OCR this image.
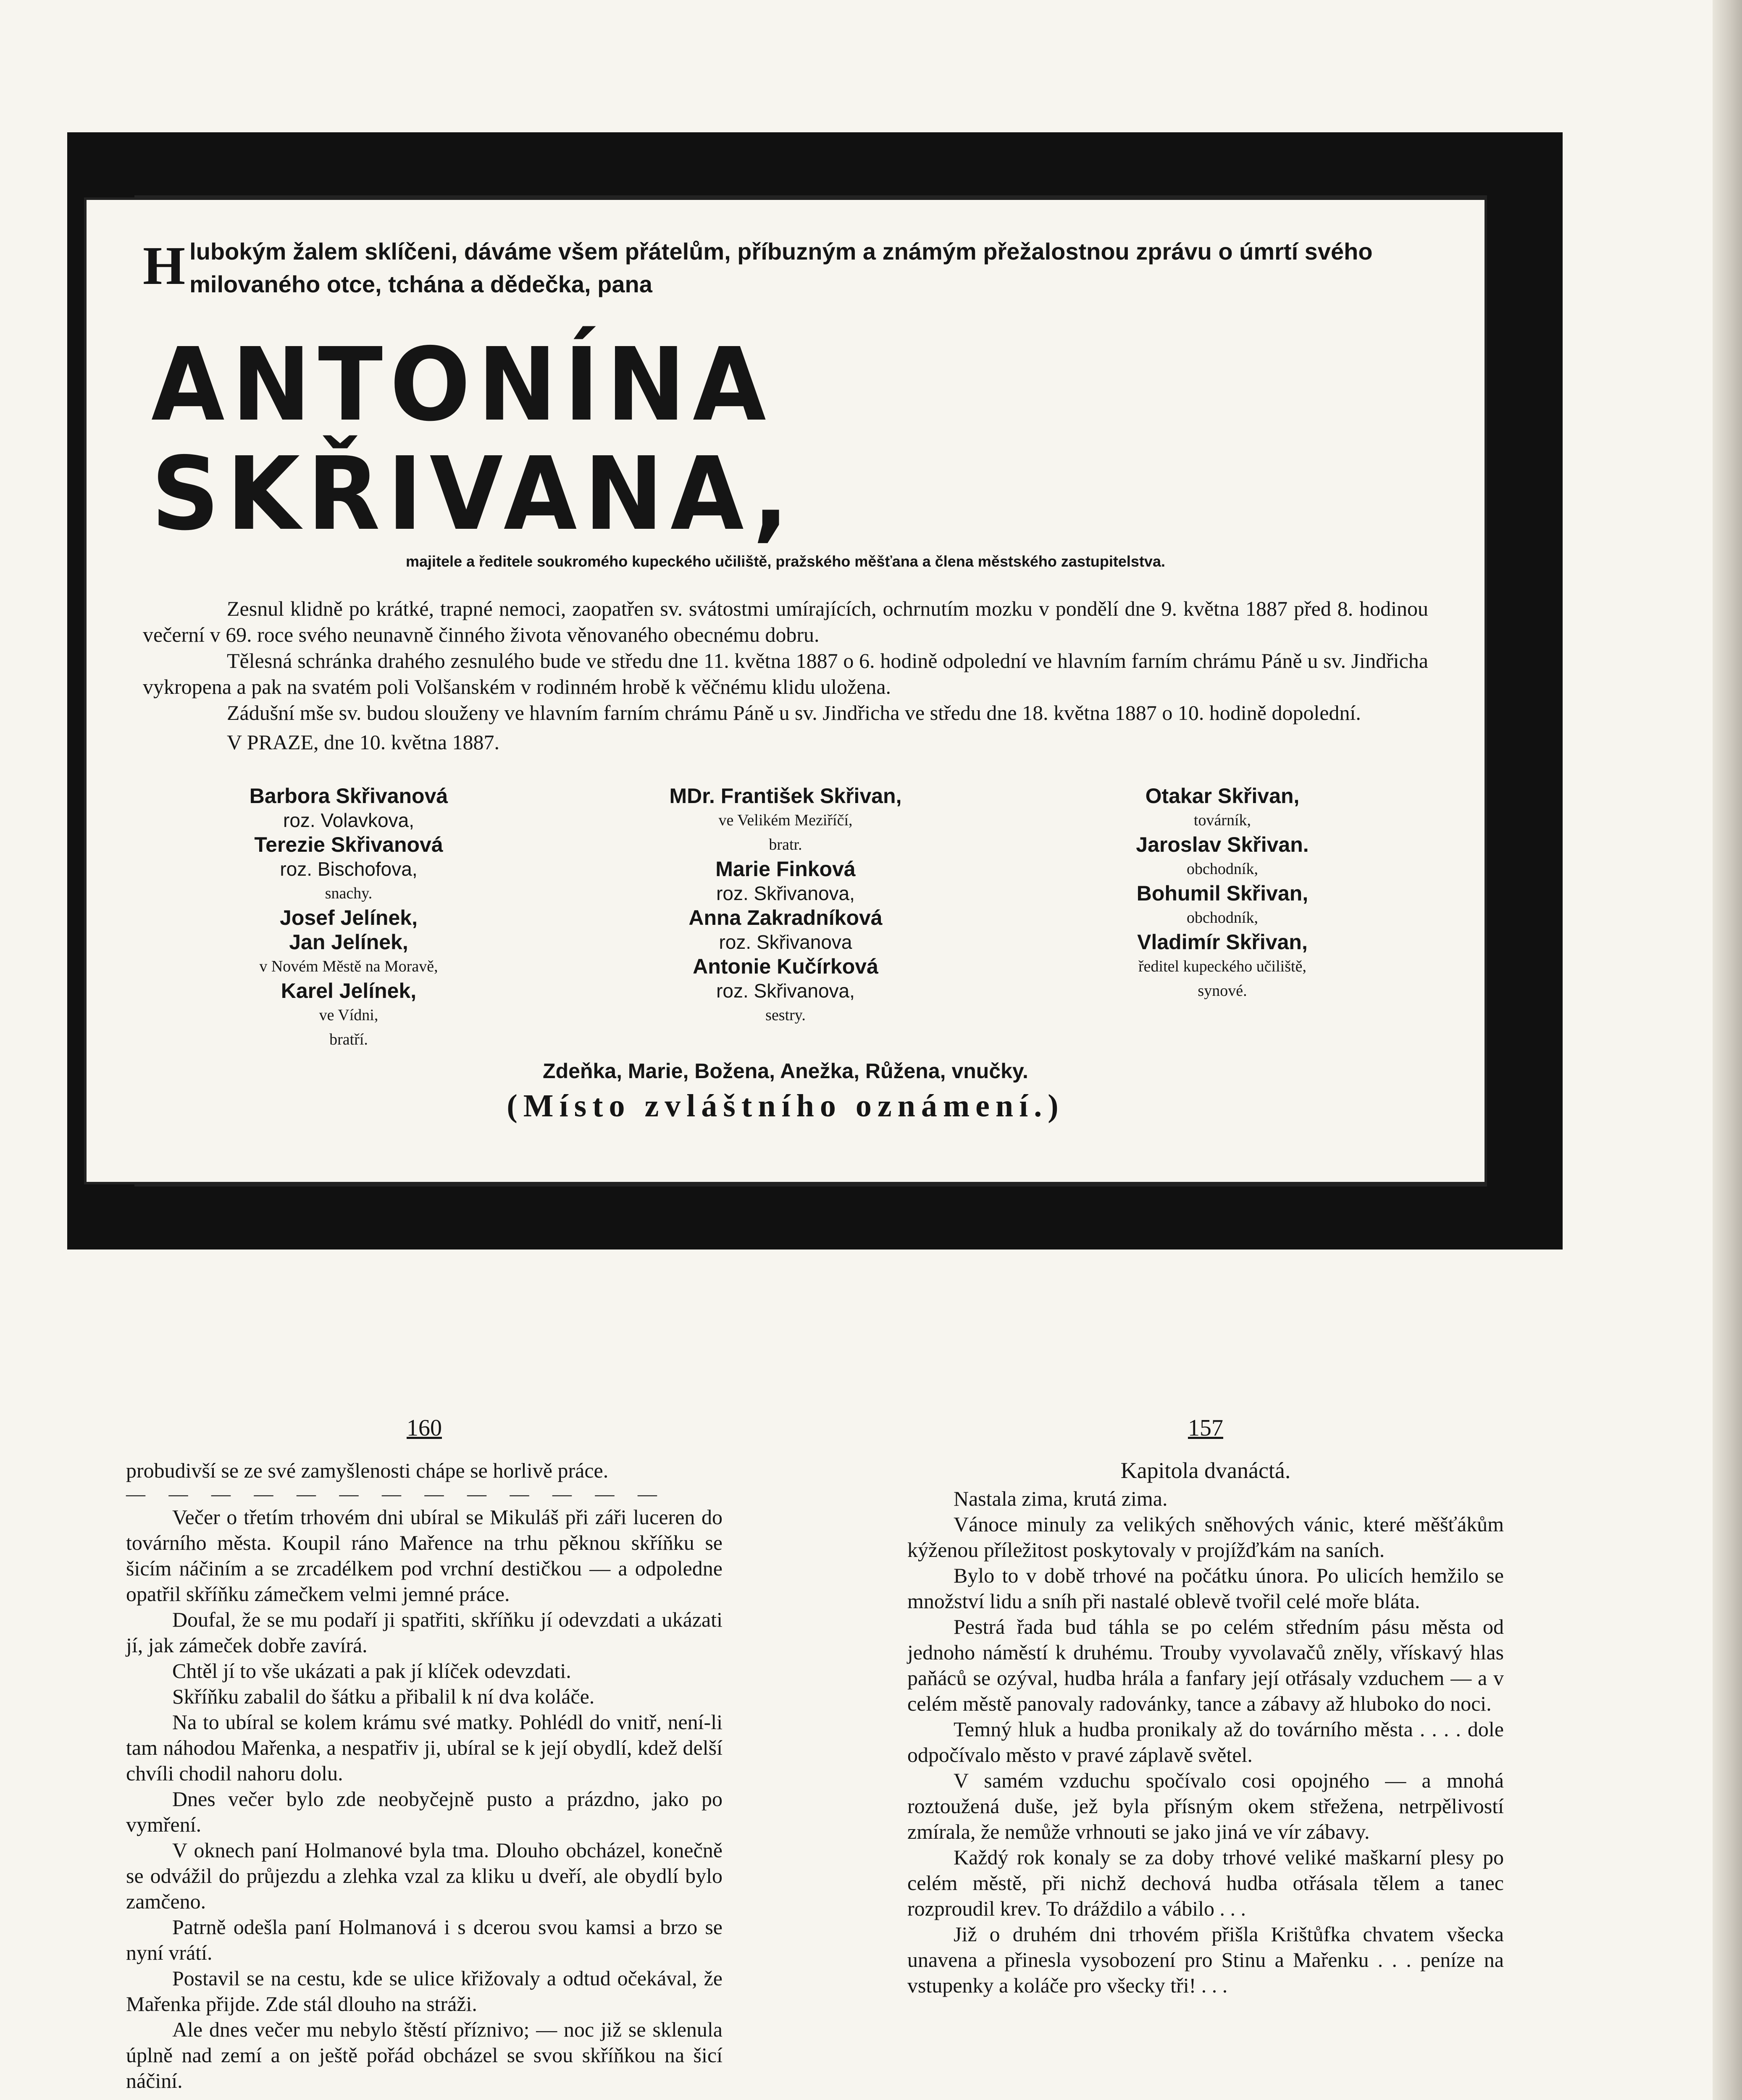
Hlubokým žalem sklíčeni, dáváme všem přátelům, příbuzným a známým přežalostnou zprávu o úmrtí svého milovaného otce, tchána a dědečka, pana

ANTONÍNA SKŘIVANA,
majitele a ředitele soukromého kupeckého učiliště, pražského měšťana a člena městského zastupitelstva.

Zesnul klidně po krátké, trapné nemoci, zaopatřen sv. svátostmi umírajících, ochrnutím mozku v pondělí dne 9. května 1887 před 8. hodinou večerní v 69. roce svého neunavně činného života věnovaného obecnému dobru.

Tělesná schránka drahého zesnulého bude ve středu dne 11. května 1887 o 6. hodině odpolední ve hlavním farním chrámu Páně u sv. Jindřicha vykropena a pak na svatém poli Volšanském v rodinném hrobě k věčnému klidu uložena.

Zádušní mše sv. budou slouženy ve hlavním farním chrámu Páně u sv. Jindřicha ve středu dne 18. května 1887 o 10. hodině dopolední.

V PRAZE, dne 10. května 1887.
Barbora Skřivanová
roz. Volavkova,
Terezie Skřivanová
roz. Bischofova,
snachy.
Josef Jelínek,
Jan Jelínek,
v Novém Městě na Moravě,
Karel Jelínek,
ve Vídni,
bratří.
MDr. František Skřivan,
ve Velikém Meziříčí,
bratr.
Marie Finková
roz. Skřivanova,
Anna Zakradníková
roz. Skřivanova
Antonie Kučírková
roz. Skřivanova,
sestry.
Otakar Skřivan,
továrník,
Jaroslav Skřivan.
obchodník,
Bohumil Skřivan,
obchodník,
Vladimír Skřivan,
ředitel kupeckého učiliště,
synové.
Zdeňka, Marie, Božena, Anežka, Růžena, vnučky.
(Místo zvláštního oznámení.)
160

probudivší se ze své zamyšlenosti chápe se horlivě práce.

— — — — — — — — — — — — —

Večer o třetím trhovém dni ubíral se Mikuláš při záři luceren do továrního města. Koupil ráno Mařence na trhu pěknou skříňku se šicím náčiním a se zrcadélkem pod vrchní destičkou — a odpoledne opatřil skříňku zámečkem velmi jemné práce.

Doufal, že se mu podaří ji spatřiti, skříňku jí odevzdati a ukázati jí, jak zámeček dobře zavírá.

Chtěl jí to vše ukázati a pak jí klíček odevzdati.

Skříňku zabalil do šátku a přibalil k ní dva koláče.

Na to ubíral se kolem krámu své matky. Pohlédl do vnitř, není-li tam náhodou Mařenka, a nespatřiv ji, ubíral se k její obydlí, kdež delší chvíli chodil nahoru dolu.

Dnes večer bylo zde neobyčejně pusto a prázdno, jako po vymření.

V oknech paní Holmanové byla tma. Dlouho obcházel, konečně se odvážil do průjezdu a zlehka vzal za kliku u dveří, ale obydlí bylo zamčeno.

Patrně odešla paní Holmanová i s dcerou svou kamsi a brzo se nyní vrátí.

Postavil se na cestu, kde se ulice křižovaly a odtud očekával, že Mařenka přijde. Zde stál dlouho na stráži.

Ale dnes večer mu nebylo štěstí příznivo; — noc již se sklenula úplně nad zemí a on ještě pořád obcházel se svou skříňkou na šicí náčiní.

157
Kapitola dvanáctá.

Nastala zima, krutá zima.

Vánoce minuly za velikých sněhových vánic, které měšťákům kýženou příležitost poskytovaly v projížďkám na saních.

Bylo to v době trhové na počátku února. Po ulicích hemžilo se množství lidu a sníh při nastalé oblevě tvořil celé moře bláta.

Pestrá řada bud táhla se po celém středním pásu města od jednoho náměstí k druhému. Trouby vyvolavačů zněly, vřískavý hlas paňáců se ozýval, hudba hrála a fanfary její otřásaly vzduchem — a v celém městě panovaly radovánky, tance a zábavy až hluboko do noci.

Temný hluk a hudba pronikaly až do továrního města . . . . dole odpočívalo město v pravé záplavě světel.

V samém vzduchu spočívalo cosi opojného — a mnohá roztoužená duše, jež byla přísným okem střežena, netrpělivostí zmírala, že nemůže vrhnouti se jako jiná ve vír zábavy.

Každý rok konaly se za doby trhové veliké maškarní plesy po celém městě, při nichž dechová hudba otřásala tělem a tanec rozproudil krev. To dráždilo a vábilo . . .

Již o druhém dni trhovém přišla Krištůfka chvatem všecka unavena a přinesla vysobození pro Stinu a Mařenku . . . peníze na vstupenky a koláče pro všecky tři! . . .
